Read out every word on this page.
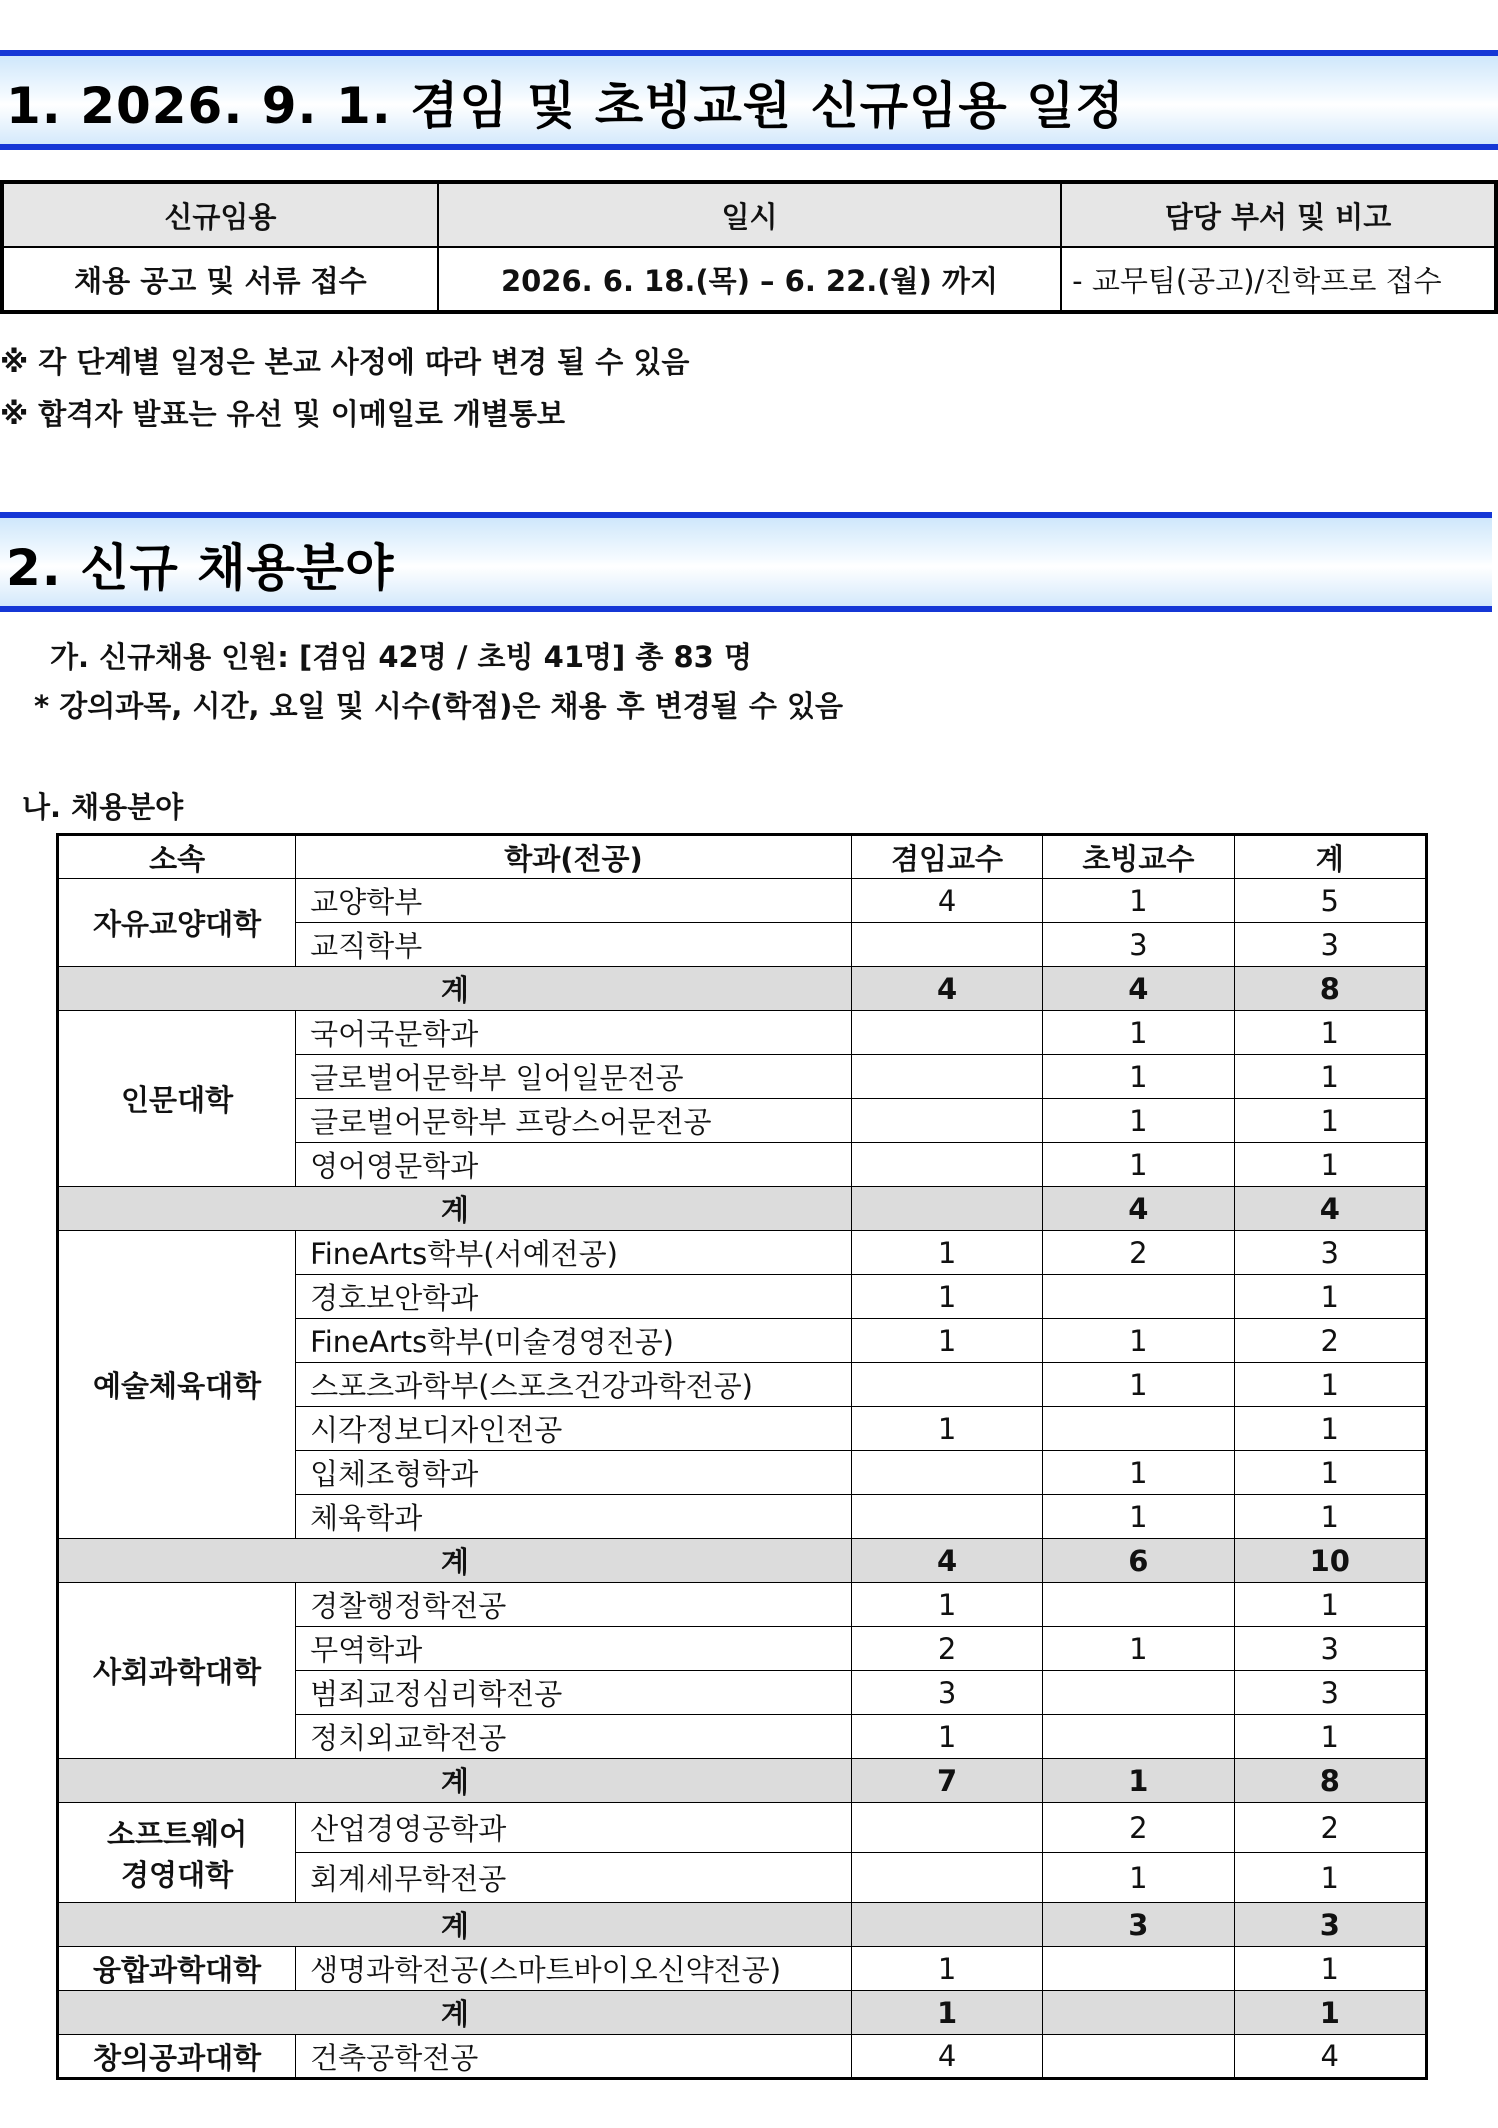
1. 2026. 9. 1. 겸임 및 초빙교원 신규임용 일정
신규임용	일시	담당 부서 및 비고
채용 공고 및 서류 접수	2026. 6. 18.(목) – 6. 22.(월) 까지	- 교무팀(공고)/진학프로 접수

※ 각 단계별 일정은 본교 사정에 따라 변경 될 수 있음

※ 합격자 발표는 유선 및 이메일로 개별통보

2. 신규 채용분야

가. 신규채용 인원: [겸임 42명 / 초빙 41명] 총 83 명

* 강의과목, 시간, 요일 및 시수(학점)은 채용 후 변경될 수 있음

나. 채용분야

소속	학과(전공)	겸임교수	초빙교수	계
자유교양대학	교양학부	4	1	5
	교직학부		3	3
계		4	4	8
인문대학	국어국문학과		1	1
	글로벌어문학부 일어일문전공		1	1
	글로벌어문학부 프랑스어문전공		1	1
	영어영문학과		1	1
계			4	4
예술체육대학	FineArts학부(서예전공)	1	2	3
	경호보안학과	1		1
	FineArts학부(미술경영전공)	1	1	2
	스포츠과학부(스포츠건강과학전공)		1	1
	시각정보디자인전공	1		1
	입체조형학과		1	1
	체육학과		1	1
계		4	6	10
사회과학대학	경찰행정학전공	1		1
	무역학과	2	1	3
	범죄교정심리학전공	3		3
	정치외교학전공	1		1
계		7	1	8
소프트웨어
경영대학	산업경영공학과		2	2
	회계세무학전공		1	1
계			3	3
융합과학대학	생명과학전공(스마트바이오신약전공)	1		1
계		1		1
창의공과대학	건축공학전공	4		4
